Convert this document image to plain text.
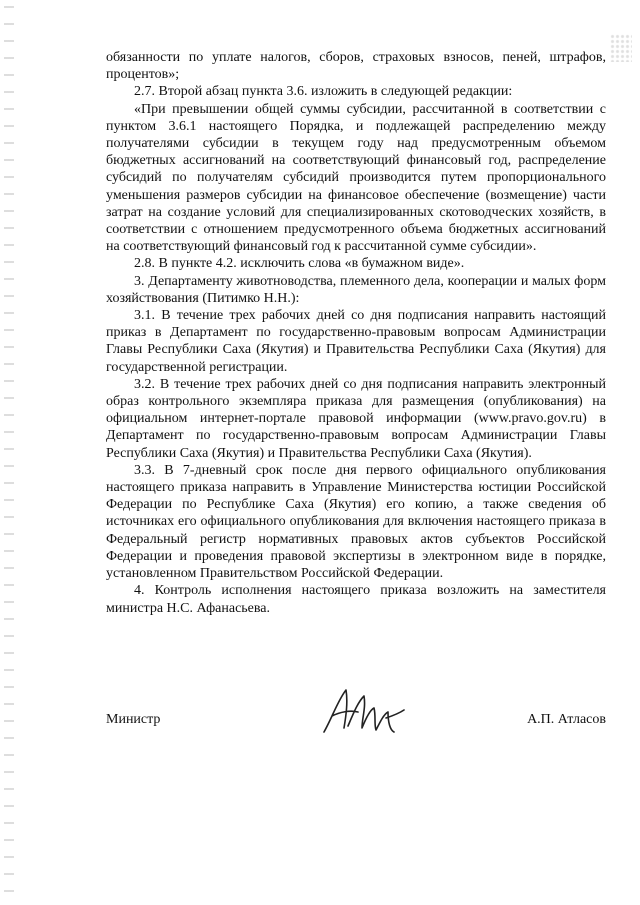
обязанности по уплате налогов, сборов, страховых взносов, пеней, штрафов, процентов»;

2.7. Второй абзац пункта 3.6. изложить в следующей редакции:

«При превышении общей суммы субсидии, рассчитанной в соответствии с пунктом 3.6.1 настоящего Порядка, и подлежащей распределению между получателями субсидии в текущем году над предусмотренным объемом бюджетных ассигнований на соответствующий финансовый год, распределение субсидий по получателям субсидий производится путем пропорционального уменьшения размеров субсидии на финансовое обеспечение (возмещение) части затрат на создание условий для специализированных скотоводческих хозяйств, в соответствии с отношением предусмотренного объема бюджетных ассигнований на соответствующий финансовый год к рассчитанной сумме субсидии».

2.8. В пункте 4.2. исключить слова «в бумажном виде».

3. Департаменту животноводства, племенного дела, кооперации и малых форм хозяйствования (Питимко Н.Н.):

3.1. В течение трех рабочих дней со дня подписания направить настоящий приказ в Департамент по государственно-правовым вопросам Администрации Главы Республики Саха (Якутия) и Правительства Республики Саха (Якутия) для государственной регистрации.

3.2. В течение трех рабочих дней со дня подписания направить электронный образ контрольного экземпляра приказа для размещения (опубликования) на официальном интернет-портале правовой информации (www.pravo.gov.ru) в Департамент по государственно-правовым вопросам Администрации Главы Республики Саха (Якутия) и Правительства Республики Саха (Якутия).

3.3. В 7-дневный срок после дня первого официального опубликования настоящего приказа направить в Управление Министерства юстиции Российской Федерации по Республике Саха (Якутия) его копию, а также сведения об источниках его официального опубликования для включения настоящего приказа в Федеральный регистр нормативных правовых актов субъектов Российской Федерации и проведения правовой экспертизы в электронном виде в порядке, установленном Правительством Российской Федерации.

4. Контроль исполнения настоящего приказа возложить на заместителя министра Н.С. Афанасьева.

Министр	А.П. Атласов
